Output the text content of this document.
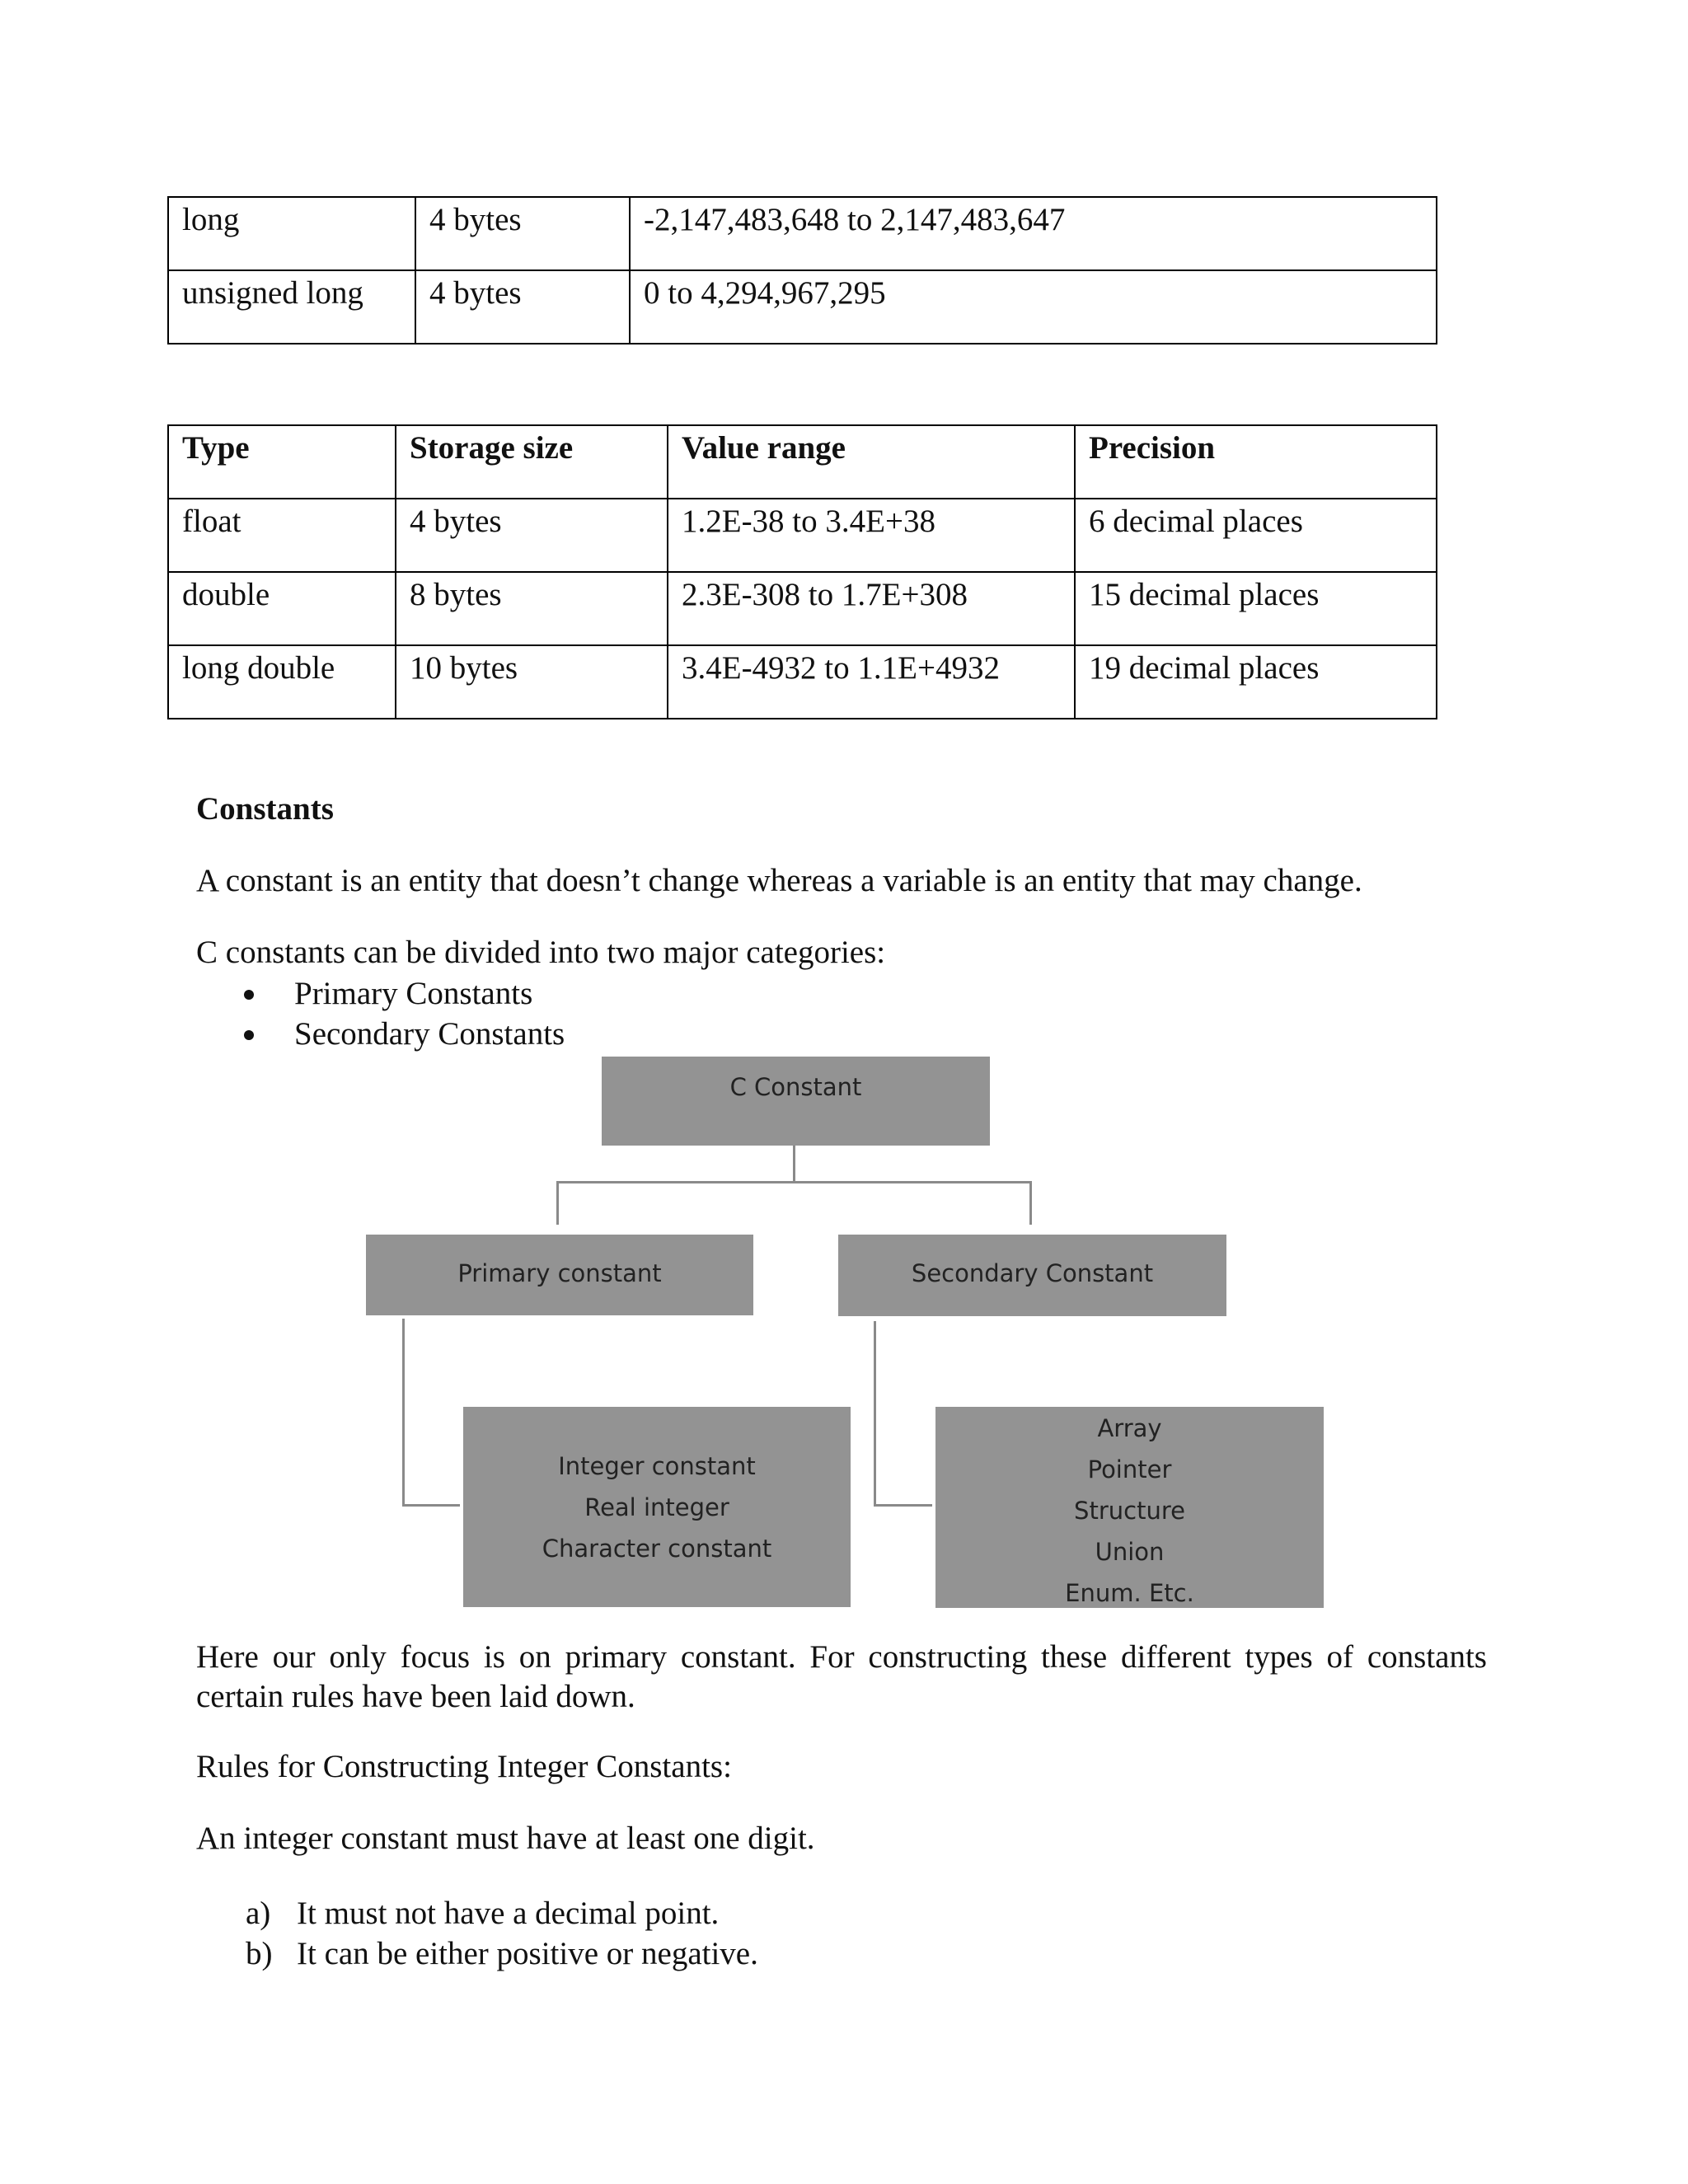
long	4 bytes	-2,147,483,648 to 2,147,483,647
unsigned long	4 bytes	0 to 4,294,967,295
Type	Storage size	Value range	Precision
float	4 bytes	1.2E-38 to 3.4E+38	6 decimal places
double	8 bytes	2.3E-308 to 1.7E+308	15 decimal places
long double	10 bytes	3.4E-4932 to 1.1E+4932	19 decimal places
Constants
A constant is an entity that doesn’t change whereas a variable is an entity that may change.
C constants can be divided into two major categories:
Primary Constants
Secondary Constants
C Constant
Primary constant	Secondary Constant
Integer constant
Real integer
Character constant
Array
Pointer
Structure
Union
Enum. Etc.
Here our only focus is on primary constant. For constructing these different types of constants certain rules have been laid down.
Rules for Constructing Integer Constants:
An integer constant must have at least one digit.
a) It must not have a decimal point.
b) It can be either positive or negative.
